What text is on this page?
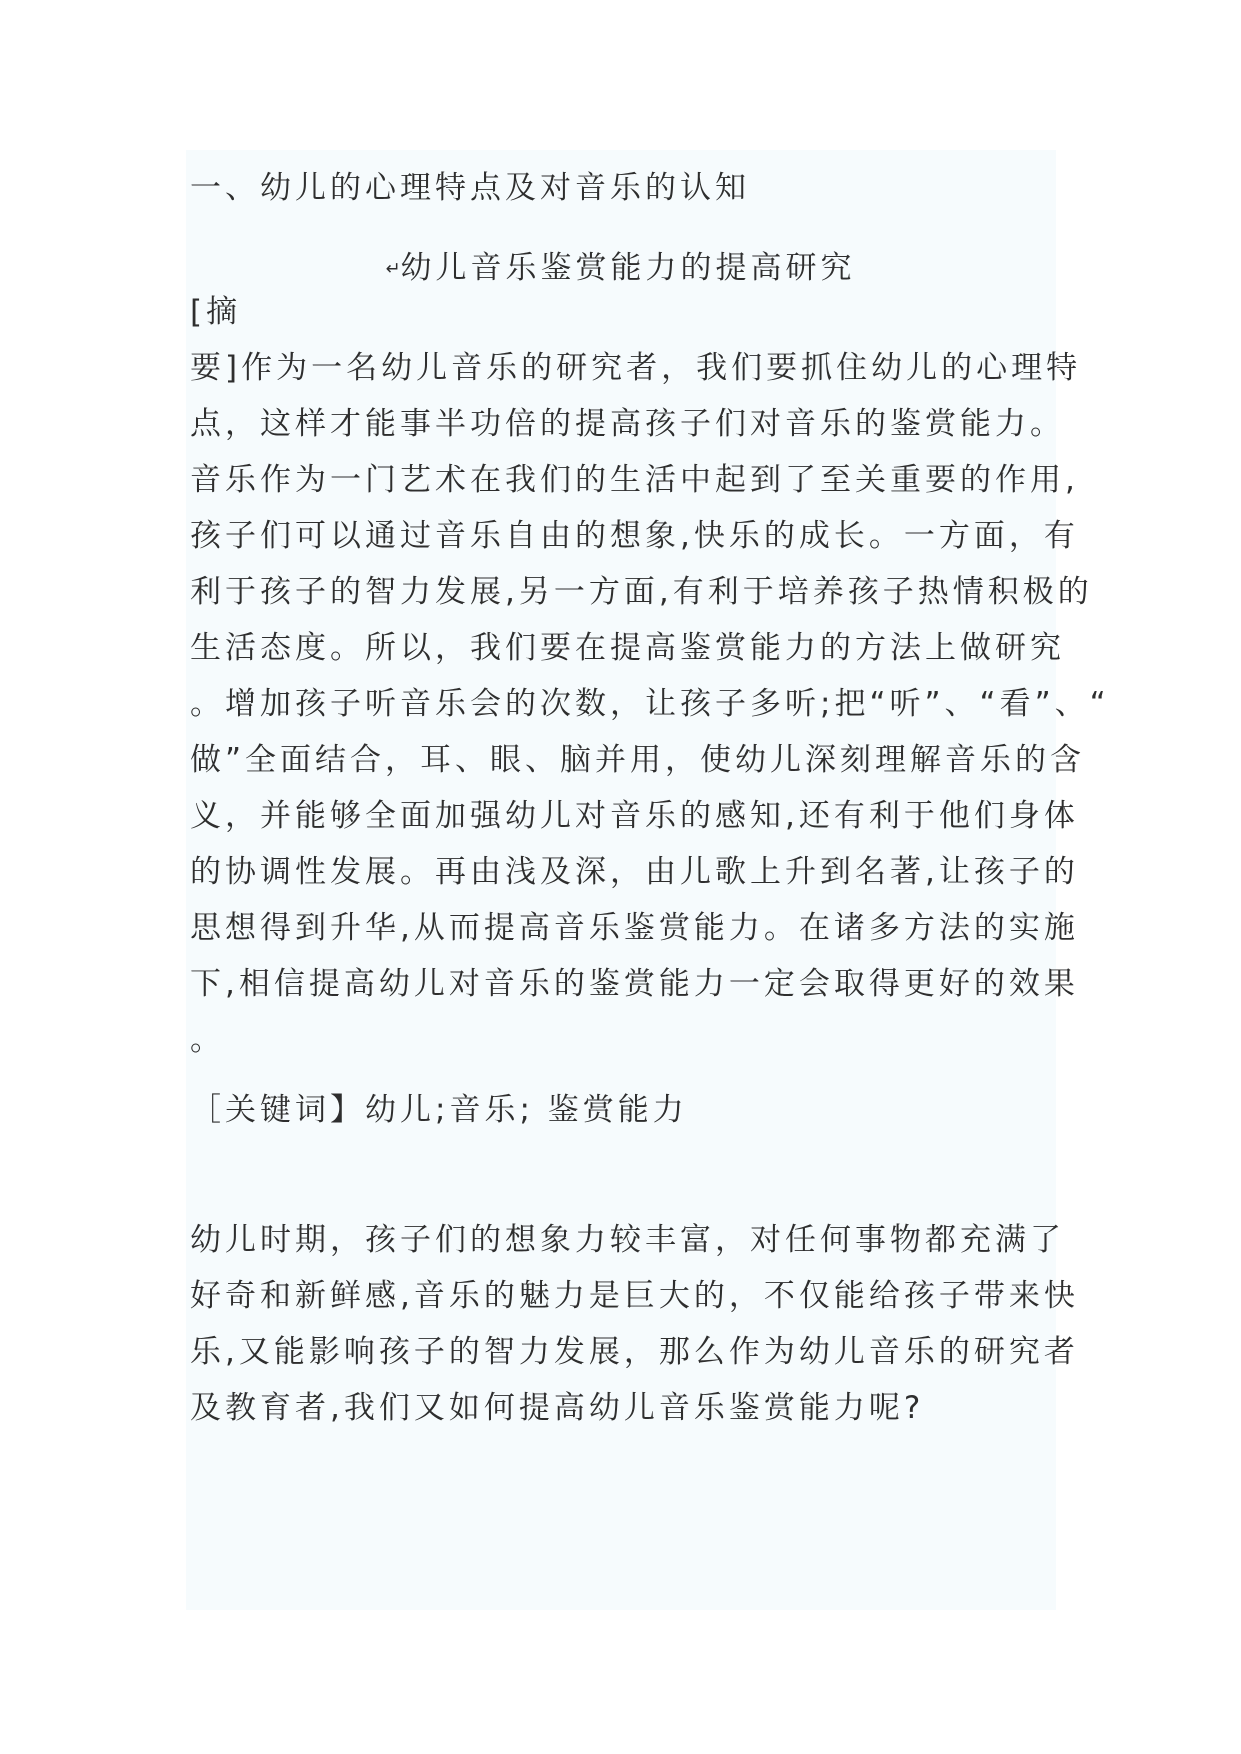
一、幼儿的心理特点及对音乐的认知
↵幼儿音乐鉴赏能力的提高研究
[摘
要]作为一名幼儿音乐的研究者，我们要抓住幼儿的心理特
点，这样才能事半功倍的提高孩子们对音乐的鉴赏能力。
音乐作为一门艺术在我们的生活中起到了至关重要的作用,
孩子们可以通过音乐自由的想象,快乐的成长。一方面，有
利于孩子的智力发展,另一方面,有利于培养孩子热情积极的
生活态度。所以，我们要在提高鉴赏能力的方法上做研究
。增加孩子听音乐会的次数，让孩子多听;把“听”、“看”、“
做”全面结合，耳、眼、脑并用，使幼儿深刻理解音乐的含
义，并能够全面加强幼儿对音乐的感知,还有利于他们身体
的协调性发展。再由浅及深，由儿歌上升到名著,让孩子的
思想得到升华,从而提高音乐鉴赏能力。在诸多方法的实施
下,相信提高幼儿对音乐的鉴赏能力一定会取得更好的效果
。
［关键词】幼儿;音乐; 鉴赏能力
幼儿时期，孩子们的想象力较丰富，对任何事物都充满了
好奇和新鲜感,音乐的魅力是巨大的，不仅能给孩子带来快
乐,又能影响孩子的智力发展，那么作为幼儿音乐的研究者
及教育者,我们又如何提高幼儿音乐鉴赏能力呢?
